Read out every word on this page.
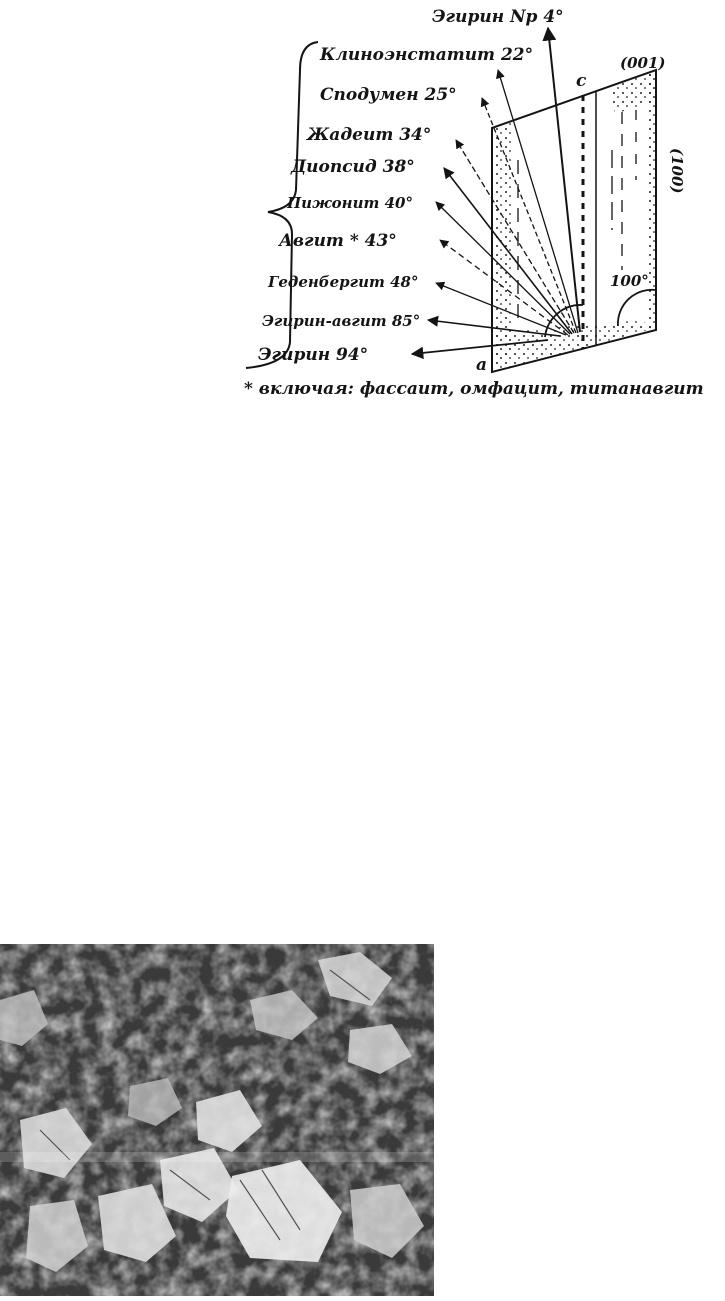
Эгирин Np 4°
Клиноэнстатит 22°
Сподумен 25°
Жадеит 34°
Диопсид 38°
Пижонит 40°
Авгит * 43°
Геденбергит 48°
Эгирин-авгит 85°
Эгирин 94°
c
a
(001)
(100)
100°
* включая: фассаит, омфацит, титанавгит
